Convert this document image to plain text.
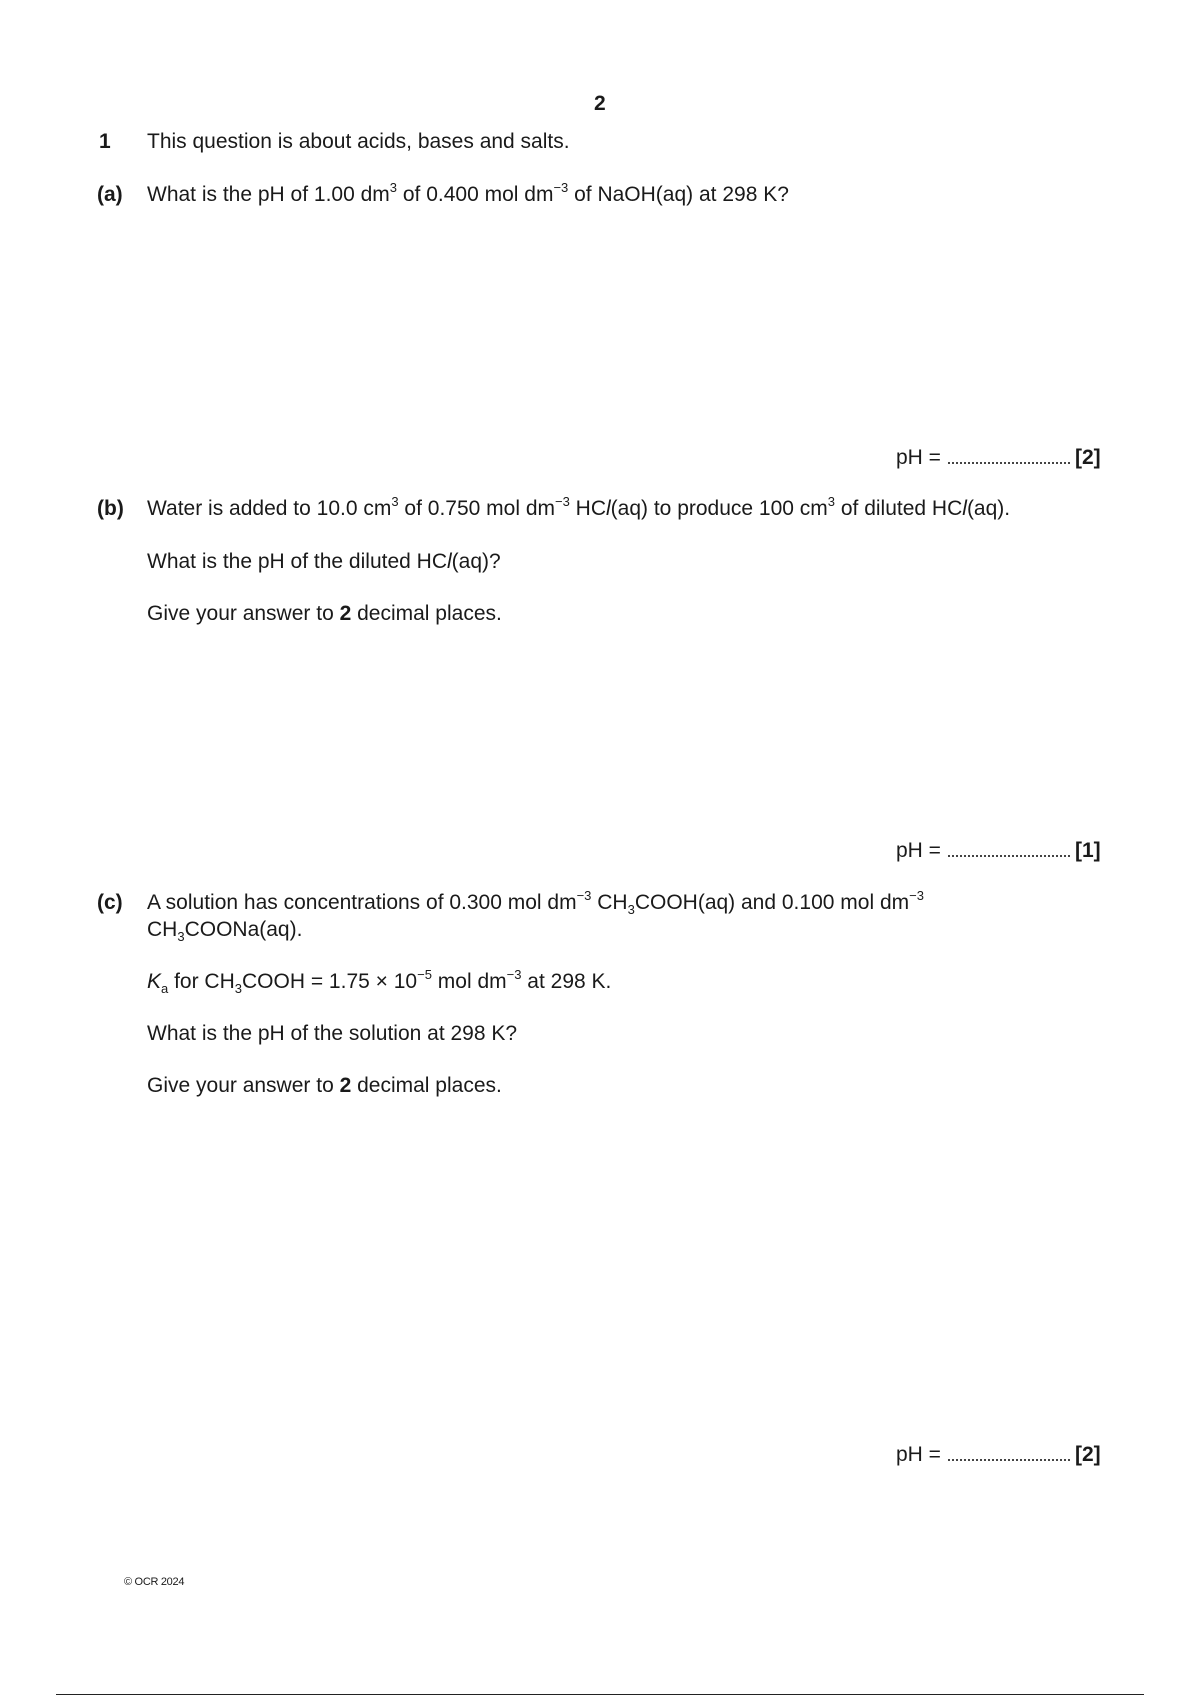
2
1 This question is about acids, bases and salts.
(a) What is the pH of 1.00 $dm^3$ of 0.400 mol $dm^{-3}$ of NaOH(aq) at 298 K?
pH =	[2]
(b) Water is added to 10.0 $cm^3$ of 0.750 mol $dm^{-3}$ HCl(aq) to produce 100 $cm^3$ of diluted HCl(aq).
What is the pH of the diluted HCl(aq)?
Give your answer to 2 decimal places.
pH =	[1]
(c) A solution has concentrations of 0.300 mol $dm^{-3}$ $CH_3COOH(aq)$ and 0.100 mol $dm^{-3}$
$CH_3COONa(aq)$.
$K_a$ for $CH_3COOH = 1.75 \times 10^{-5}$ mol $dm^{-3}$ at 298 K.
What is the pH of the solution at 298 K?
Give your answer to 2 decimal places.
pH =	[2]
© OCR 2024
